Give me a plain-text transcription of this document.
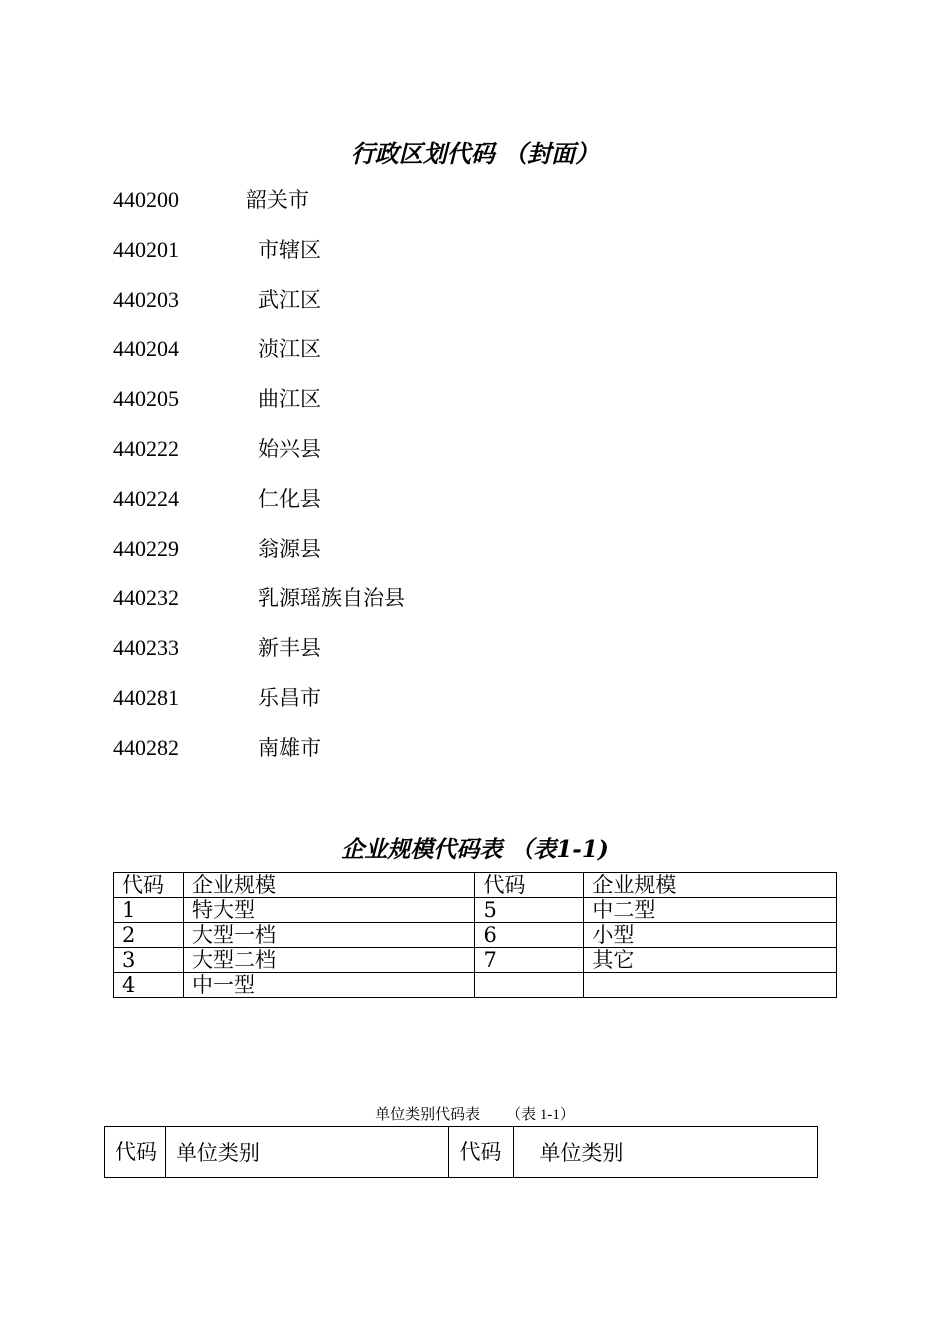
行政区划代码 （封面）
440200	韶关市
440201	市辖区
440203	武江区
440204	浈江区
440205	曲江区
440222	始兴县
440224	仁化县
440229	翁源县
440232	乳源瑶族自治县
440233	新丰县
440281	乐昌市
440282	南雄市
企业规模代码表 （表1-1)
代码	企业规模	代码	企业规模
1	特大型	5	中二型
2	大型一档	6	小型
3	大型二档	7	其它
4	中一型		
单位类别代码表 （表 1-1）
代码	单位类别	代码	单位类别
